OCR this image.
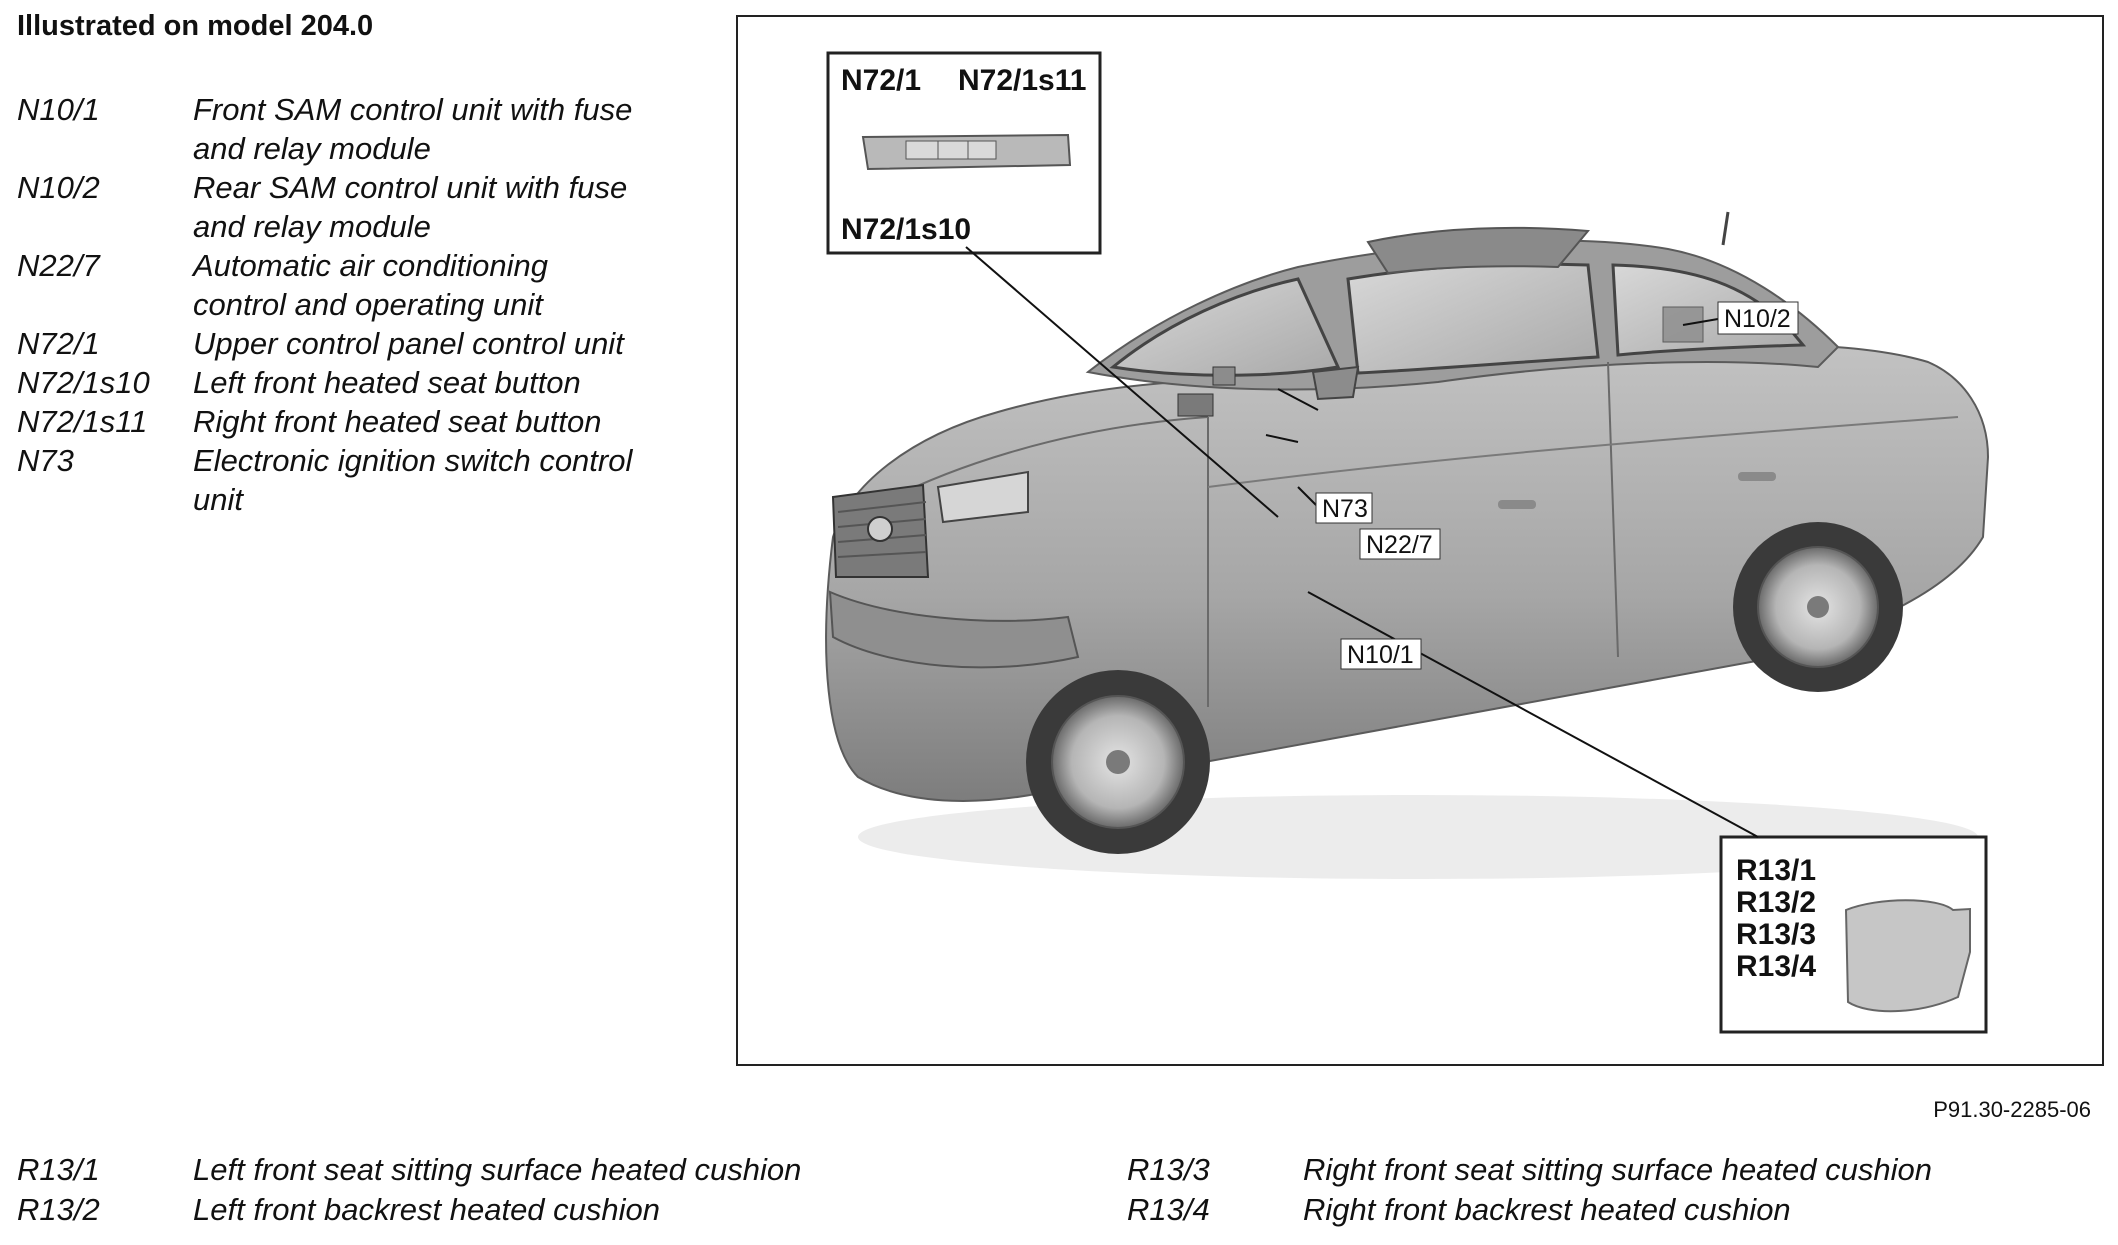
Illustrated on model 204.0
N10/1	Front SAM control unit with fuse
and relay module
N10/2	Rear SAM control unit with fuse
and relay module
N22/7	Automatic air conditioning
control and operating unit
N72/1	Upper control panel control unit
N72/1s10	Left front heated seat button
N72/1s11	Right front heated seat button
N73	Electronic ignition switch control
unit
N72/1 N72/1s11
N72/1s10
R13/1
R13/2
R13/3
R13/4
N10/2
N73
N22/7
N10/1
P91.30-2285-06
R13/1	Left front seat sitting surface heated cushion
R13/2	Left front backrest heated cushion
R13/3	Right front seat sitting surface heated cushion
R13/4	Right front backrest heated cushion
